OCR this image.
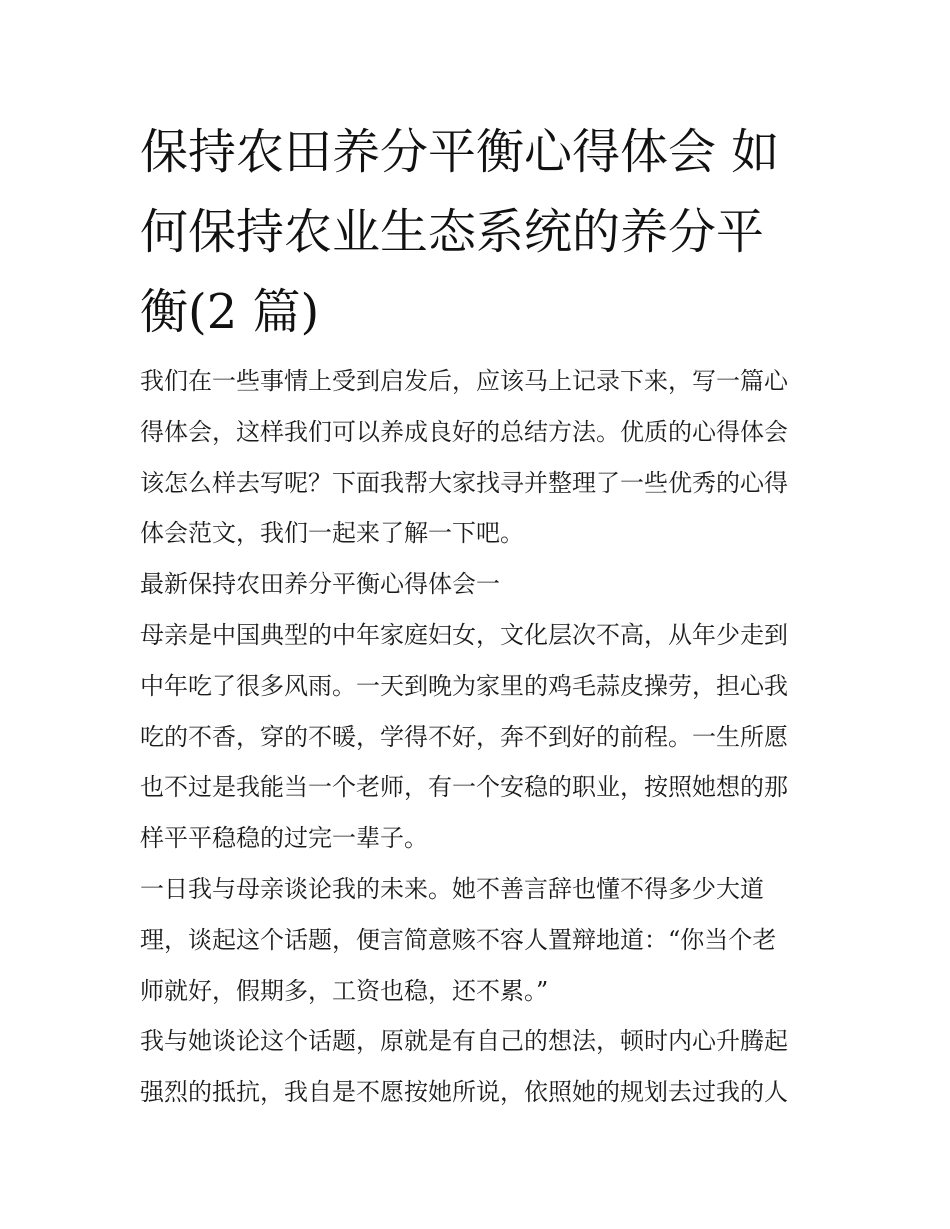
保持农田养分平衡心得体会 如
何保持农业生态系统的养分平
衡(2 篇)
我们在一些事情上受到启发后，应该马上记录下来，写一篇心
得体会，这样我们可以养成良好的总结方法。优质的心得体会
该怎么样去写呢？下面我帮大家找寻并整理了一些优秀的心得
体会范文，我们一起来了解一下吧。
最新保持农田养分平衡心得体会一
母亲是中国典型的中年家庭妇女，文化层次不高，从年少走到
中年吃了很多风雨。一天到晚为家里的鸡毛蒜皮操劳，担心我
吃的不香，穿的不暖，学得不好，奔不到好的前程。一生所愿
也不过是我能当一个老师，有一个安稳的职业，按照她想的那
样平平稳稳的过完一辈子。
一日我与母亲谈论我的未来。她不善言辞也懂不得多少大道
理，谈起这个话题，便言简意赅不容人置辩地道：“你当个老
师就好，假期多，工资也稳，还不累。”
我与她谈论这个话题，原就是有自己的想法，顿时内心升腾起
强烈的抵抗，我自是不愿按她所说，依照她的规划去过我的人
